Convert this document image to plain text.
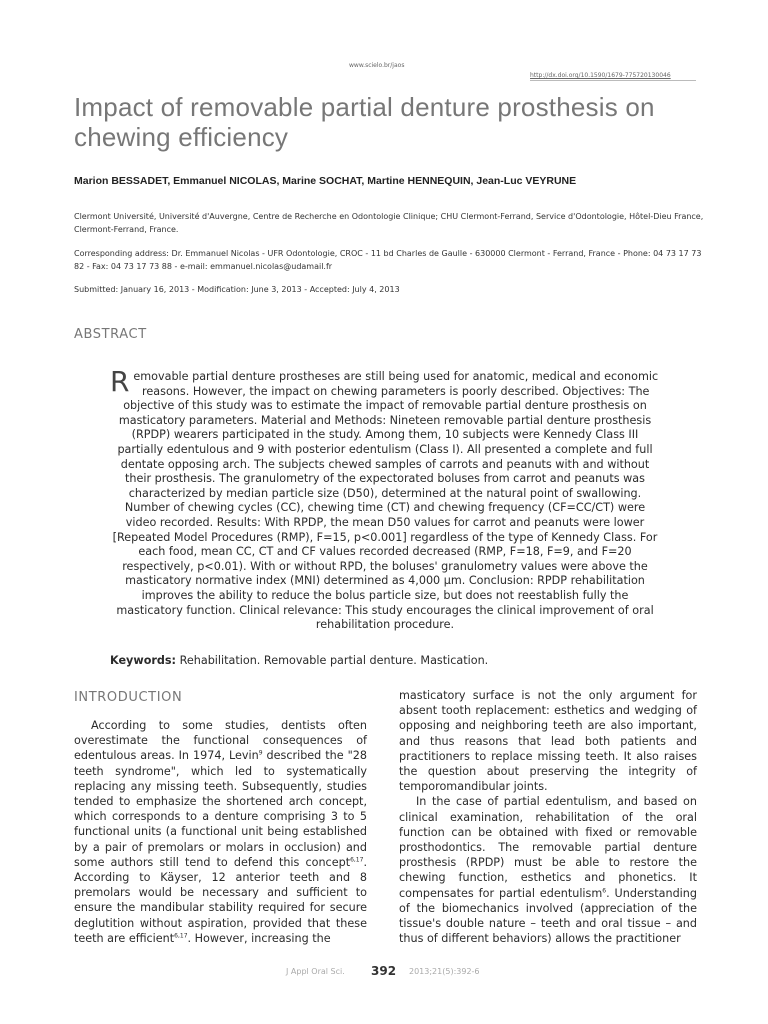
www.scielo.br/jaos
http://dx.doi.org/10.1590/1679-775720130046
Impact of removable partial denture prosthesis on chewing efficiency
Marion BESSADET, Emmanuel NICOLAS, Marine SOCHAT, Martine HENNEQUIN, Jean-Luc VEYRUNE
Clermont Université, Université d'Auvergne, Centre de Recherche en Odontologie Clinique; CHU Clermont-Ferrand, Service d'Odontologie, Hôtel-Dieu France, Clermont-Ferrand, France.
Corresponding address: Dr. Emmanuel Nicolas - UFR Odontologie, CROC - 11 bd Charles de Gaulle - 630000 Clermont - Ferrand, France - Phone: 04 73 17 73 82 - Fax: 04 73 17 73 88 - e-mail: emmanuel.nicolas@udamail.fr
Submitted: January 16, 2013 - Modification: June 3, 2013 - Accepted: July 4, 2013
ABSTRACT
Removable partial denture prostheses are still being used for anatomic, medical and economic reasons. However, the impact on chewing parameters is poorly described. Objectives: The objective of this study was to estimate the impact of removable partial denture prosthesis on masticatory parameters. Material and Methods: Nineteen removable partial denture prosthesis (RPDP) wearers participated in the study. Among them, 10 subjects were Kennedy Class III partially edentulous and 9 with posterior edentulism (Class I). All presented a complete and full dentate opposing arch. The subjects chewed samples of carrots and peanuts with and without their prosthesis. The granulometry of the expectorated boluses from carrot and peanuts was characterized by median particle size (D50), determined at the natural point of swallowing. Number of chewing cycles (CC), chewing time (CT) and chewing frequency (CF=CC/CT) were video recorded. Results: With RPDP, the mean D50 values for carrot and peanuts were lower [Repeated Model Procedures (RMP), F=15, p<0.001] regardless of the type of Kennedy Class. For each food, mean CC, CT and CF values recorded decreased (RMP, F=18, F=9, and F=20 respectively, p<0.01). With or without RPD, the boluses' granulometry values were above the masticatory normative index (MNI) determined as 4,000 µm. Conclusion: RPDP rehabilitation improves the ability to reduce the bolus particle size, but does not reestablish fully the masticatory function. Clinical relevance: This study encourages the clinical improvement of oral rehabilitation procedure.
Keywords: Rehabilitation. Removable partial denture. Mastication.
INTRODUCTION

According to some studies, dentists often overestimate the functional consequences of edentulous areas. In 1974, Levin$^9$ described the "28 teeth syndrome", which led to systematically replacing any missing teeth. Subsequently, studies tended to emphasize the shortened arch concept, which corresponds to a denture comprising 3 to 5 functional units (a functional unit being established by a pair of premolars or molars in occlusion) and some authors still tend to defend this concept$^{6,17}$. According to Käyser, 12 anterior teeth and 8 premolars would be necessary and sufficient to ensure the mandibular stability required for secure deglutition without aspiration, provided that these teeth are efficient$^{6,17}$. However, increasing the

masticatory surface is not the only argument for absent tooth replacement: esthetics and wedging of opposing and neighboring teeth are also important, and thus reasons that lead both patients and practitioners to replace missing teeth. It also raises the question about preserving the integrity of temporomandibular joints.

In the case of partial edentulism, and based on clinical examination, rehabilitation of the oral function can be obtained with fixed or removable prosthodontics. The removable partial denture prosthesis (RPDP) must be able to restore the chewing function, esthetics and phonetics. It compensates for partial edentulism$^6$. Understanding of the biomechanics involved (appreciation of the tissue's double nature – teeth and oral tissue – and thus of different behaviors) allows the practitioner

J Appl Oral Sci. 392 2013;21(5):392-6
